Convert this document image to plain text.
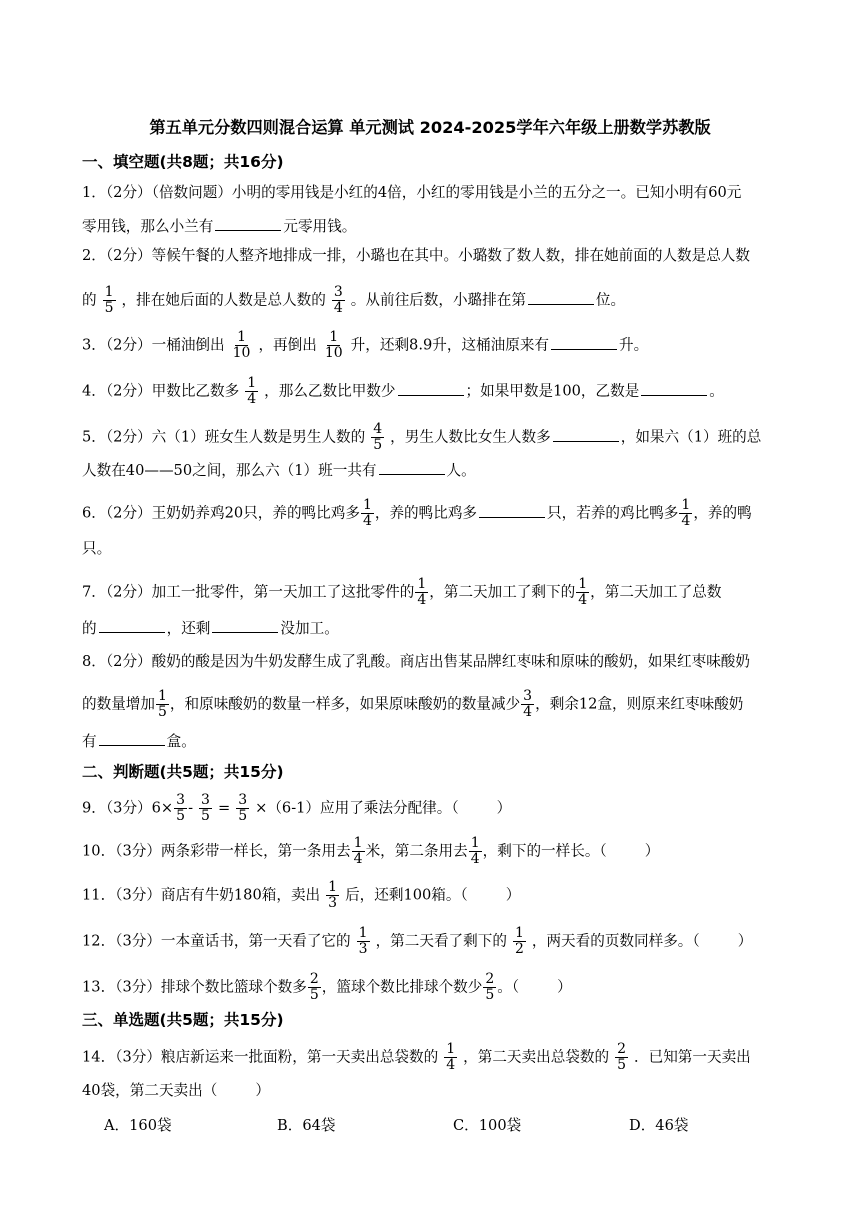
第五单元分数四则混合运算 单元测试 2024-2025学年六年级上册数学苏教版
一、填空题(共8题；共16分)
1．（2分）（倍数问题）小明的零用钱是小红的4倍，小红的零用钱是小兰的五分之一。已知小明有60元
零用钱，那么小兰有	元零用钱。
2．（2分）等候午餐的人整齐地排成一排，小璐也在其中。小璐数了数人数，排在她前面的人数是总人数
的 $\frac{1}{5}$ ，排在她后面的人数是总人数的 $\frac{3}{4}$ 。从前往后数，小璐排在第	位。
3．（2分）一桶油倒出 $\frac{1}{10}$ ，再倒出 $\frac{1}{10}$ 升，还剩8.9升，这桶油原来有	升。
4．（2分）甲数比乙数多 $\frac{1}{4}$ ，那么乙数比甲数少	；如果甲数是100，乙数是	。
5．（2分）六（1）班女生人数是男生人数的 $\frac{4}{5}$ ，男生人数比女生人数多	，如果六（1）班的总
人数在40——50之间，那么六（1）班一共有	人。
6．（2分）王奶奶养鸡20只，养的鸭比鸡多 $\frac{1}{4}$ ，养的鸭比鸡多	只，若养的鸡比鸭多 $\frac{1}{4}$ ，养的鸭
只。
7．（2分）加工一批零件，第一天加工了这批零件的 $\frac{1}{4}$ ，第二天加工了剩下的 $\frac{1}{4}$ ，第二天加工了总数
的	，还剩	没加工。
8．（2分）酸奶的酸是因为牛奶发酵生成了乳酸。商店出售某品牌红枣味和原味的酸奶，如果红枣味酸奶
的数量增加 $\frac{1}{5}$ ，和原味酸奶的数量一样多，如果原味酸奶的数量减少 $\frac{3}{4}$ ，剩余12盒，则原来红枣味酸奶
有	盒。
二、判断题(共5题；共15分)
9．（3分）$6\times \frac{3}{5} - \frac{3}{5} = \frac{3}{5} \times(6-1)$应用了乘法分配律。（	）
10．（3分）两条彩带一样长，第一条用去 $\frac{1}{4}$ 米，第二条用去 $\frac{1}{4}$ ，剩下的一样长。（	）
11．（3分）商店有牛奶180箱，卖出 $\frac{1}{3}$ 后，还剩100箱。（	）
12．（3分）一本童话书，第一天看了它的 $\frac{1}{3}$ ，第二天看了剩下的 $\frac{1}{2}$ ，两天看的页数同样多。（	）
13．（3分）排球个数比篮球个数多 $\frac{2}{5}$ ，篮球个数比排球个数少 $\frac{2}{5}$ 。（	）
三、单选题(共5题；共15分)
14．（3分）粮店新运来一批面粉，第一天卖出总袋数的 $\frac{1}{4}$ ，第二天卖出总袋数的 $\frac{2}{5}$ ．已知第一天卖出
40袋，第二天卖出（	）
A．160袋	B．64袋	C．100袋	D．46袋
